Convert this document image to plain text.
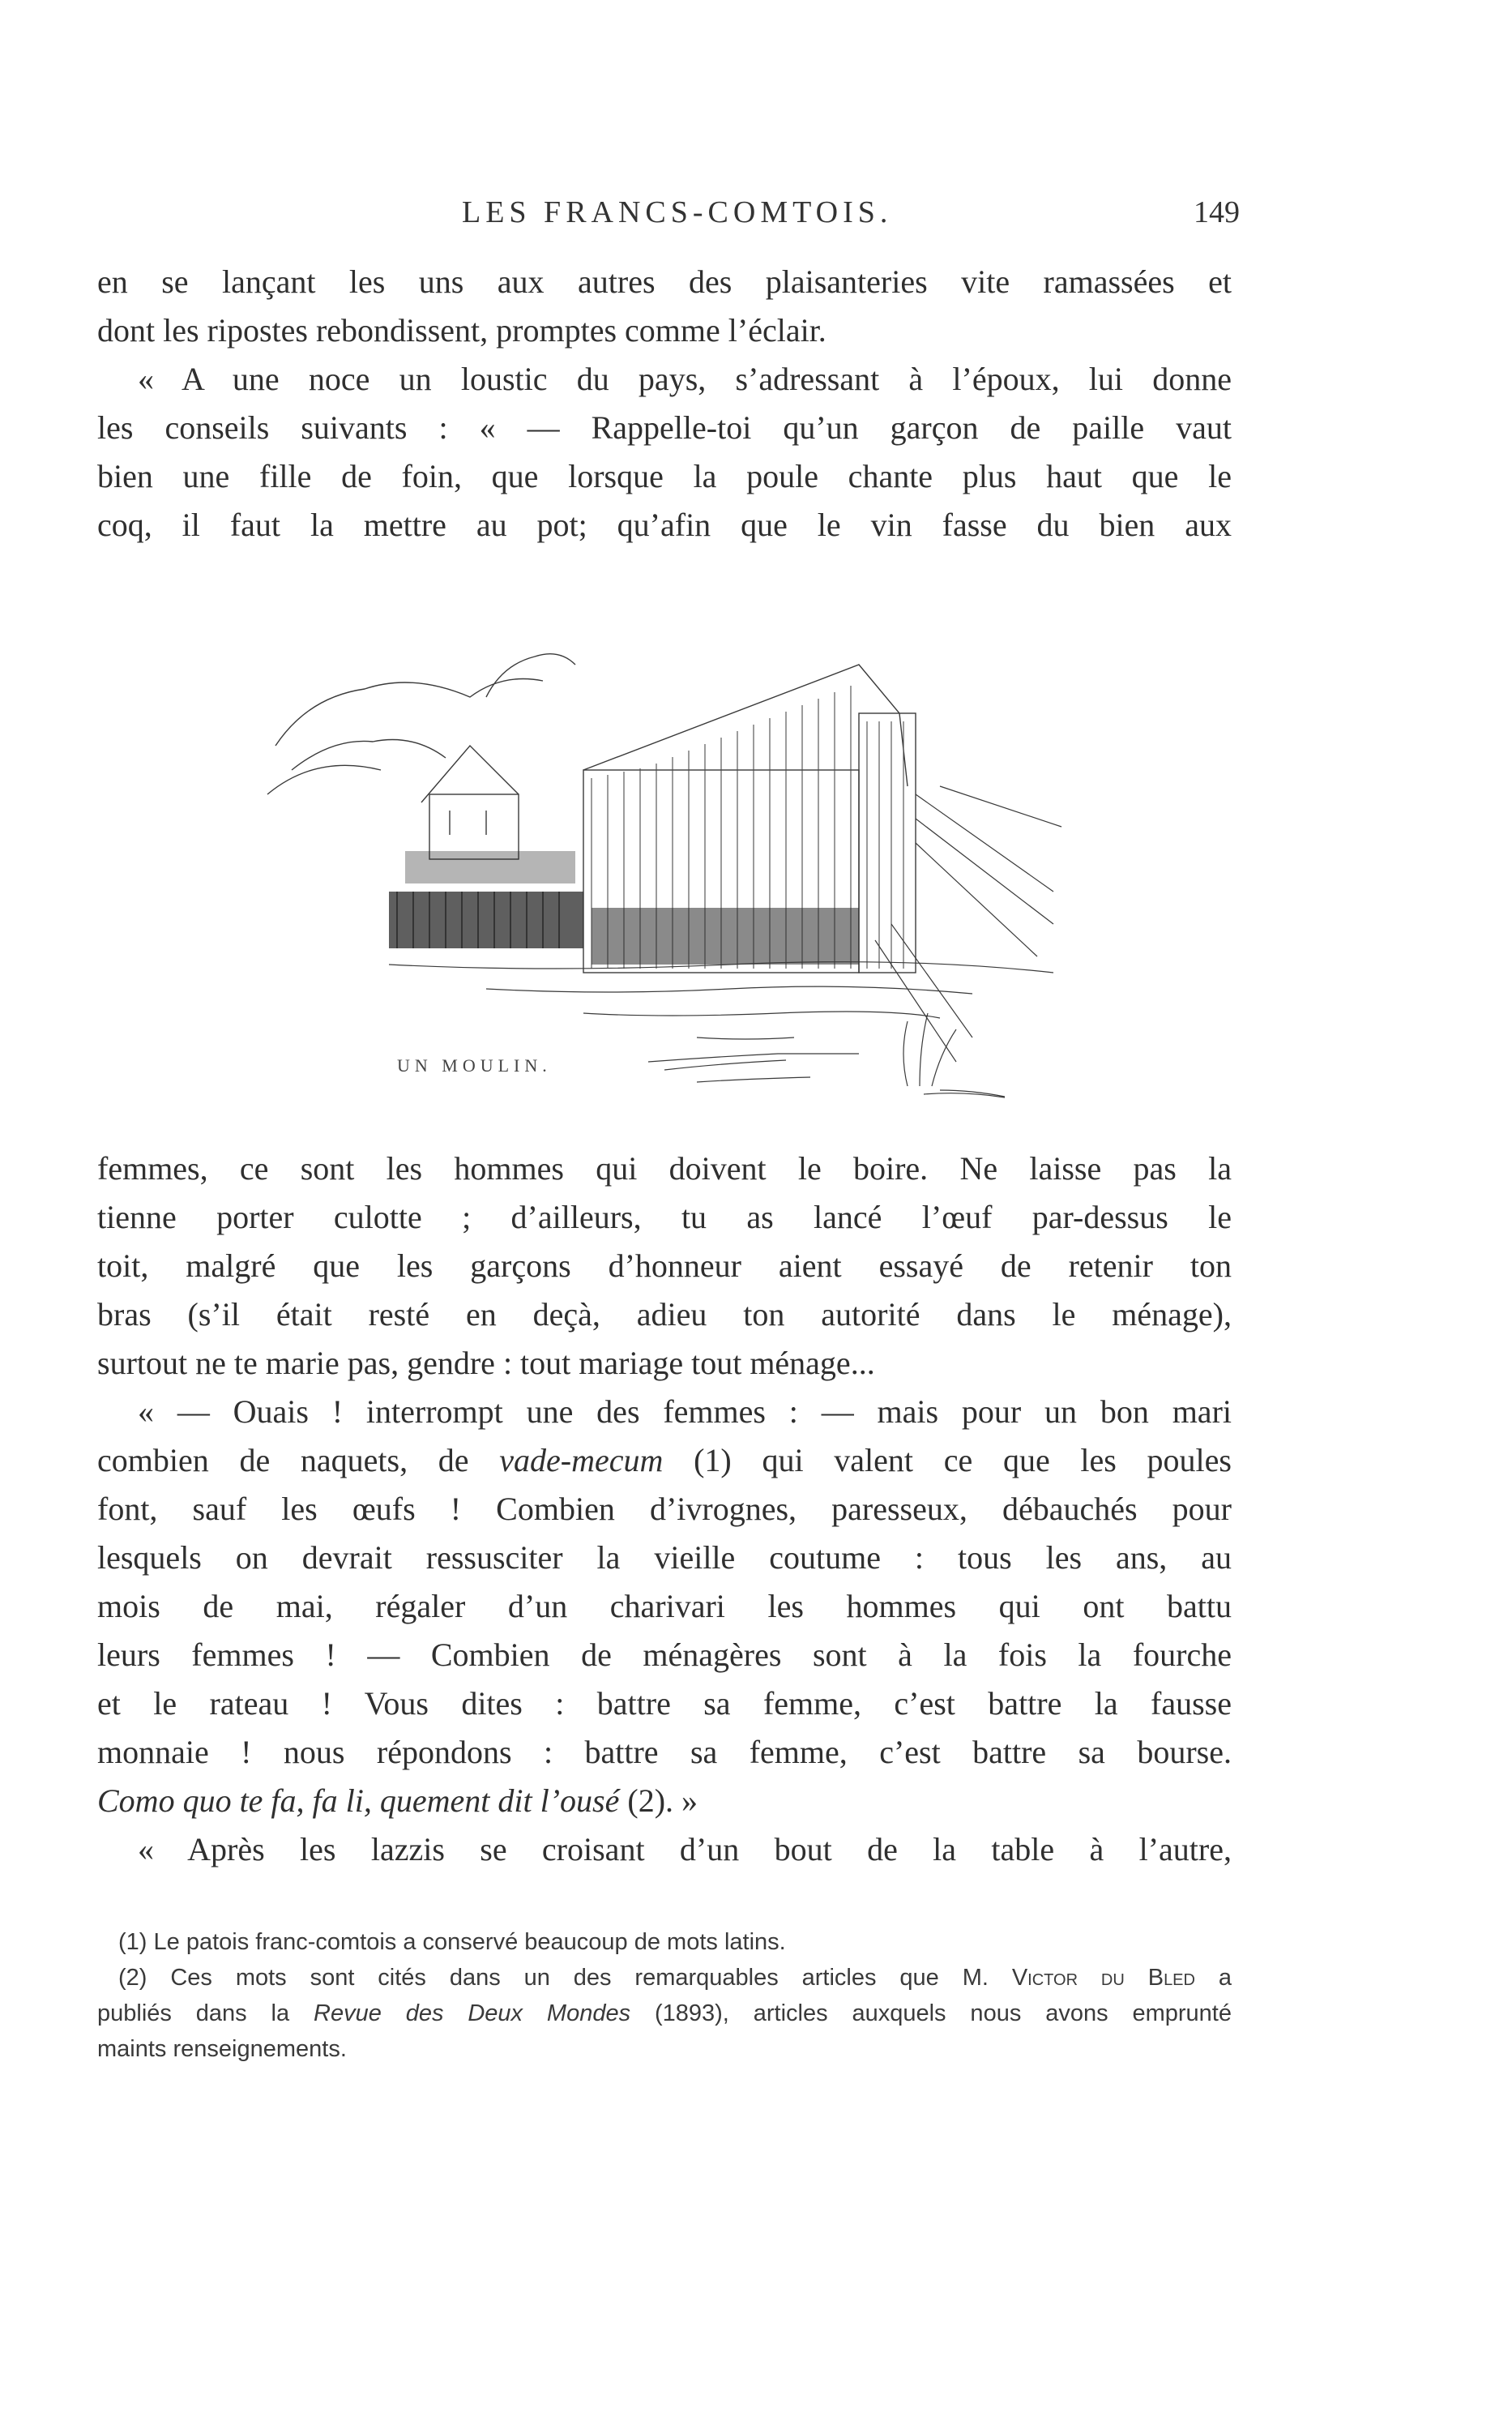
LES FRANCS-COMTOIS.	149
en se lançant les uns aux autres des plaisanteries vite ramassées et
dont les ripostes rebondissent, promptes comme l’éclair.
« A une noce un loustic du pays, s’adressant à l’époux, lui donne
les conseils suivants : « — Rappelle-toi qu’un garçon de paille vaut
bien une fille de foin, que lorsque la poule chante plus haut que le
coq, il faut la mettre au pot; qu’afin que le vin fasse du bien aux
UN MOULIN.
femmes, ce sont les hommes qui doivent le boire. Ne laisse pas la
tienne porter culotte ; d’ailleurs, tu as lancé l’œuf par-dessus le
toit, malgré que les garçons d’honneur aient essayé de retenir ton
bras (s’il était resté en deçà, adieu ton autorité dans le ménage),
surtout ne te marie pas, gendre : tout mariage tout ménage...
« — Ouais ! interrompt une des femmes : — mais pour un bon mari
combien de naquets, de vade-mecum (1) qui valent ce que les poules
font, sauf les œufs ! Combien d’ivrognes, paresseux, débauchés pour
lesquels on devrait ressusciter la vieille coutume : tous les ans, au
mois de mai, régaler d’un charivari les hommes qui ont battu
leurs femmes ! — Combien de ménagères sont à la fois la fourche
et le rateau ! Vous dites : battre sa femme, c’est battre la fausse
monnaie ! nous répondons : battre sa femme, c’est battre sa bourse.
Como quo te fa, fa li, quement dit l’ousé (2). »
« Après les lazzis se croisant d’un bout de la table à l’autre,
(1) Le patois franc-comtois a conservé beaucoup de mots latins.
(2) Ces mots sont cités dans un des remarquables articles que M. Victor du Bled a
publiés dans la Revue des Deux Mondes (1893), articles auxquels nous avons emprunté
maints renseignements.
